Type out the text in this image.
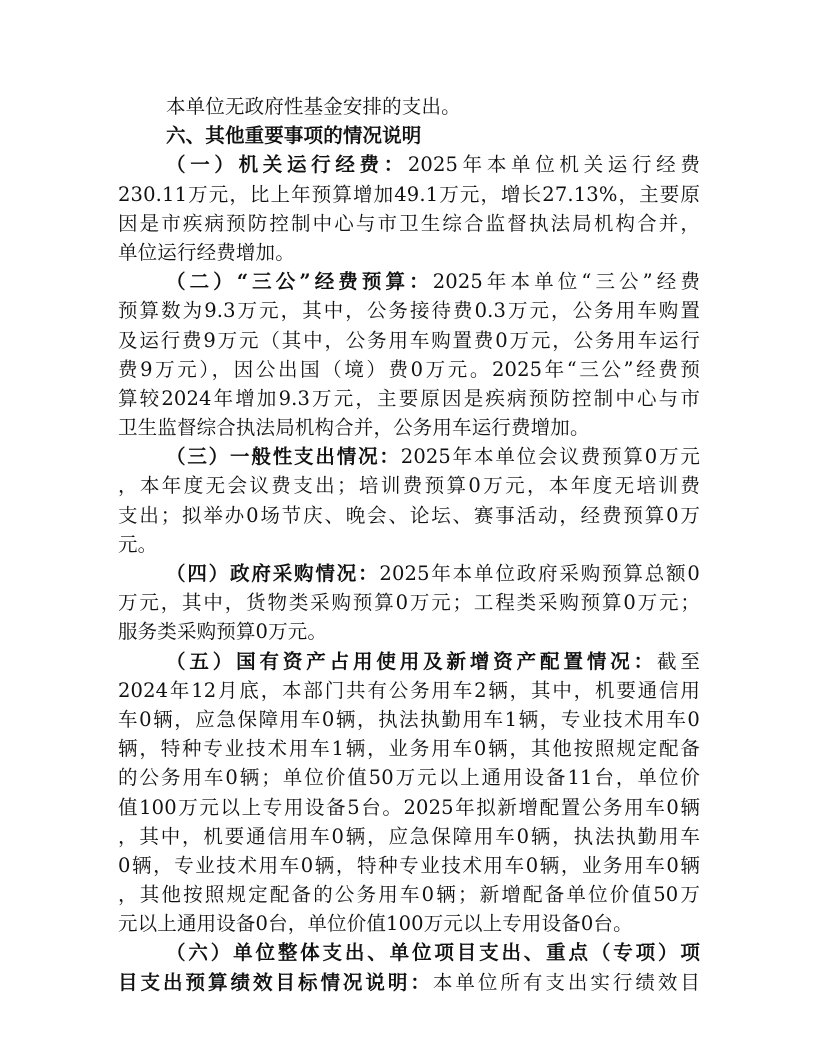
本单位无政府性基金安排的支出。
六、其他重要事项的情况说明
（一）机关运行经费：2025年本单位机关运行经费
230.11万元，比上年预算增加49.1万元，增长27.13%，主要原
因是市疾病预防控制中心与市卫生综合监督执法局机构合并，
单位运行经费增加。
（二）“三公”经费预算：2025年本单位“三公”经费
预算数为9.3万元，其中，公务接待费0.3万元，公务用车购置
及运行费9万元（其中，公务用车购置费0万元，公务用车运行
费9万元），因公出国（境）费0万元。2025年“三公”经费预
算较2024年增加9.3万元，主要原因是疾病预防控制中心与市
卫生监督综合执法局机构合并，公务用车运行费增加。
（三）一般性支出情况：2025年本单位会议费预算0万元
，本年度无会议费支出；培训费预算0万元，本年度无培训费
支出；拟举办0场节庆、晚会、论坛、赛事活动，经费预算0万
元。
（四）政府采购情况：2025年本单位政府采购预算总额0
万元，其中，货物类采购预算0万元；工程类采购预算0万元；
服务类采购预算0万元。
（五）国有资产占用使用及新增资产配置情况：截至
2024年12月底，本部门共有公务用车2辆，其中，机要通信用
车0辆，应急保障用车0辆，执法执勤用车1辆，专业技术用车0
辆，特种专业技术用车1辆，业务用车0辆，其他按照规定配备
的公务用车0辆；单位价值50万元以上通用设备11台，单位价
值100万元以上专用设备5台。2025年拟新增配置公务用车0辆
，其中，机要通信用车0辆，应急保障用车0辆，执法执勤用车
0辆，专业技术用车0辆，特种专业技术用车0辆，业务用车0辆
，其他按照规定配备的公务用车0辆；新增配备单位价值50万
元以上通用设备0台，单位价值100万元以上专用设备0台。
（六）单位整体支出、单位项目支出、重点（专项）项
目支出预算绩效目标情况说明：本单位所有支出实行绩效目
